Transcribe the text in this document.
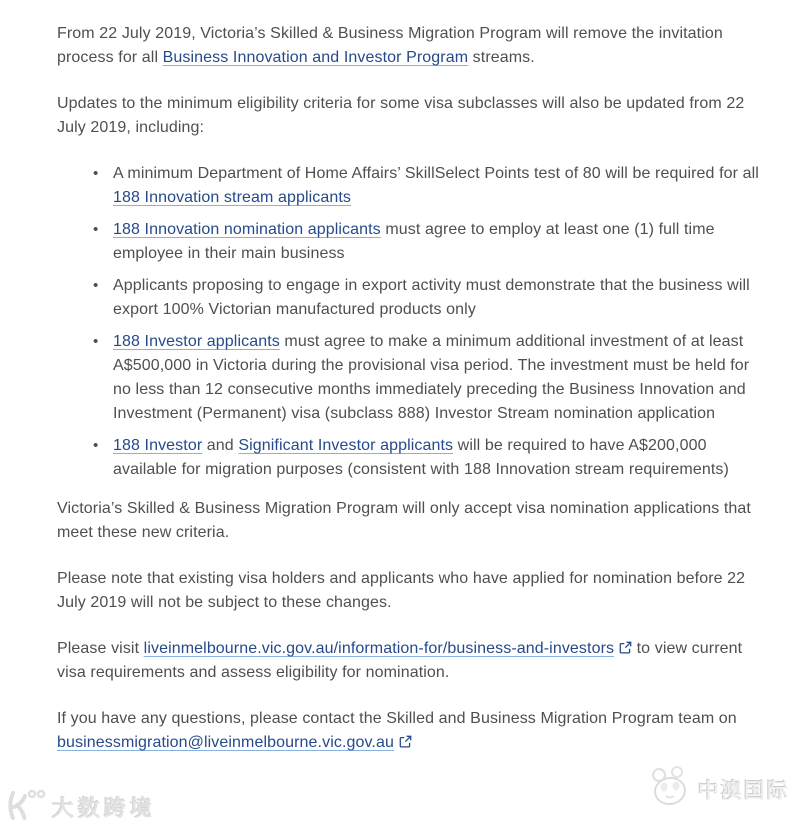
From 22 July 2019, Victoria’s Skilled & Business Migration Program will remove the invitation process for all Business Innovation and Investor Program streams.

Updates to the minimum eligibility criteria for some visa subclasses will also be updated from 22 July 2019, including:

• A minimum Department of Home Affairs’ SkillSelect Points test of 80 will be required for all 188 Innovation stream applicants
• 188 Innovation nomination applicants must agree to employ at least one (1) full time employee in their main business
• Applicants proposing to engage in export activity must demonstrate that the business will export 100% Victorian manufactured products only
• 188 Investor applicants must agree to make a minimum additional investment of at least A$500,000 in Victoria during the provisional visa period. The investment must be held for no less than 12 consecutive months immediately preceding the Business Innovation and Investment (Permanent) visa (subclass 888) Investor Stream nomination application
• 188 Investor and Significant Investor applicants will be required to have A$200,000 available for migration purposes (consistent with 188 Innovation stream requirements)

Victoria’s Skilled & Business Migration Program will only accept visa nomination applications that meet these new criteria.

Please note that existing visa holders and applicants who have applied for nomination before 22 July 2019 will not be subject to these changes.

Please visit liveinmelbourne.vic.gov.au/information-for/business-and-investors to view current visa requirements and assess eligibility for nomination.

If you have any questions, please contact the Skilled and Business Migration Program team on businessmigration@liveinmelbourne.vic.gov.au

大数跨境
中澳国际
